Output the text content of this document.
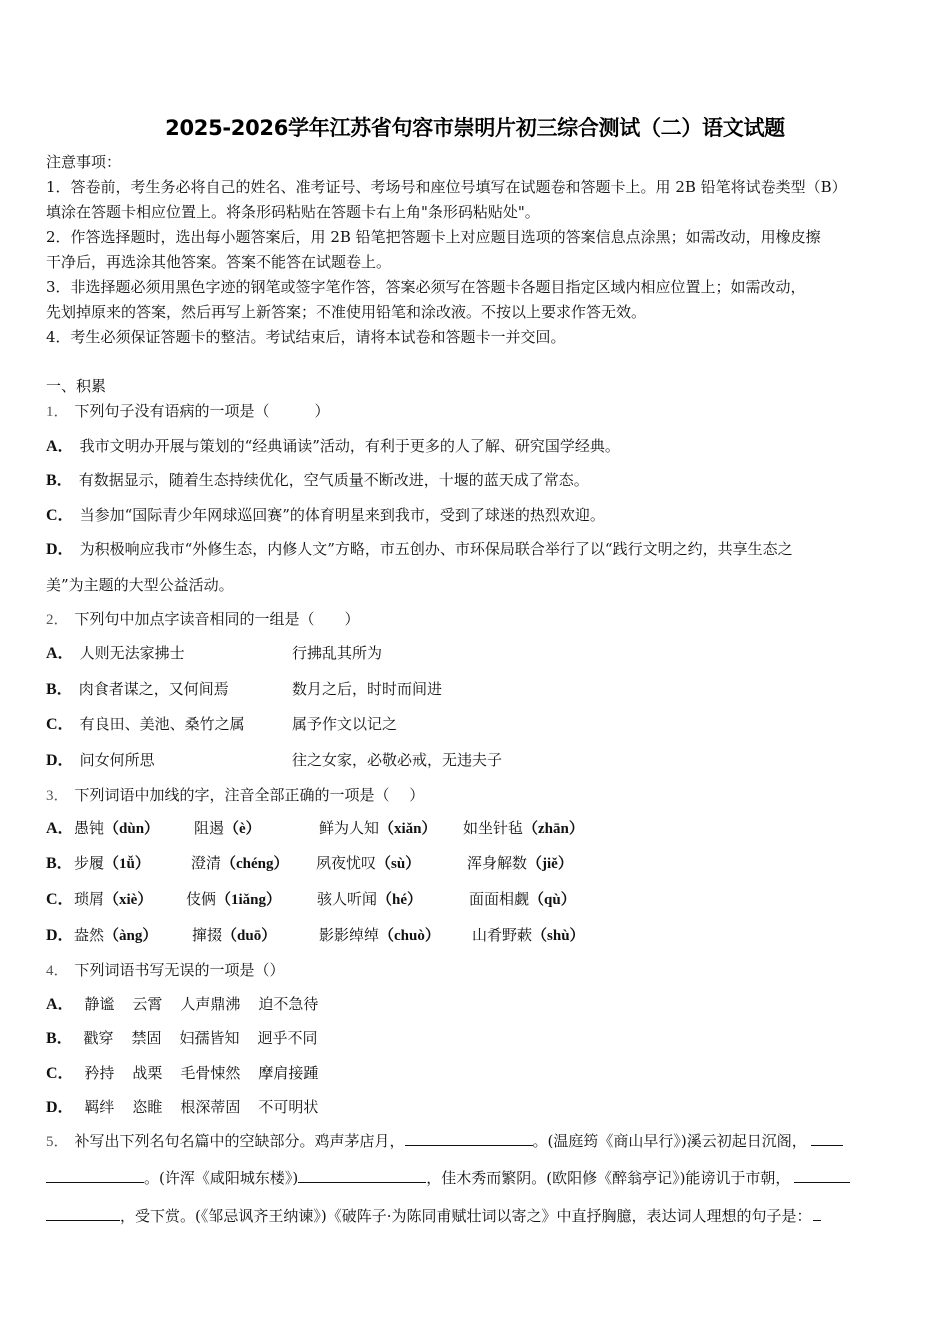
2025-2026学年江苏省句容市崇明片初三综合测试（二）语文试题
注意事项：
1．答卷前，考生务必将自己的姓名、准考证号、考场号和座位号填写在试题卷和答题卡上。用 2B 铅笔将试卷类型（B）
填涂在答题卡相应位置上。将条形码粘贴在答题卡右上角"条形码粘贴处"。
2．作答选择题时，选出每小题答案后，用 2B 铅笔把答题卡上对应题目选项的答案信息点涂黑；如需改动，用橡皮擦
干净后，再选涂其他答案。答案不能答在试题卷上。
3．非选择题必须用黑色字迹的钢笔或签字笔作答，答案必须写在答题卡各题目指定区域内相应位置上；如需改动，
先划掉原来的答案，然后再写上新答案；不准使用铅笔和涂改液。不按以上要求作答无效。
4．考生必须保证答题卡的整洁。考试结束后，请将本试卷和答题卡一并交回。
一、积累
1． 下列句子没有语病的一项是（　　　）
A． 我市文明办开展与策划的“经典诵读”活动，有利于更多的人了解、研究国学经典。
B． 有数据显示，随着生态持续优化，空气质量不断改进，十堰的蓝天成了常态。
C． 当参加“国际青少年网球巡回赛”的体育明星来到我市，受到了球迷的热烈欢迎。
D． 为积极响应我市“外修生态，内修人文”方略，市五创办、市环保局联合举行了以“践行文明之约，共享生态之
美”为主题的大型公益活动。
2． 下列句中加点字读音相同的一组是（　　）
A． 人则无法家拂士	行拂乱其所为
B． 肉食者谋之，又何间焉	数月之后，时时而间进
C． 有良田、美池、桑竹之属	属予作文以记之
D． 问女何所思	往之女家，必敬必戒，无违夫子
3． 下列词语中加线的字，注音全部正确的一项是（　 ）
A． 愚钝（dùn） 阻遏（è）	鲜为人知（xiǎn） 如坐针毡（zhān）
B． 步履（1ǚ）	澄清（chéng） 夙夜忧叹（sù）	浑身解数（jiě）
C． 琐屑（xiè） 伎俩（1iǎng） 骇人听闻（hé）	面面相觑（qù）
D． 盎然（àng） 撺掇（duō）	影影绰绰（chuò） 山肴野蔌（shù）
4． 下列词语书写无误的一项是（）
A． 静谧 云霄 人声鼎沸 迫不急待
B． 戳穿 禁固 妇孺皆知 迥乎不同
C． 矜持 战栗 毛骨悚然 摩肩接踵
D． 羁绊 恣睢 根深蒂固 不可明状
5． 补写出下列名句名篇中的空缺部分。鸡声茅店月，	。(温庭筠《商山早行》)溪云初起日沉阁，
。(许浑《咸阳城东楼》)	，佳木秀而繁阴。(欧阳修《醉翁亭记》)能谤讥于市朝，
，受下赏。(《邹忌讽齐王纳谏》)《破阵子·为陈同甫赋壮词以寄之》中直抒胸臆，表达词人理想的句子是：
